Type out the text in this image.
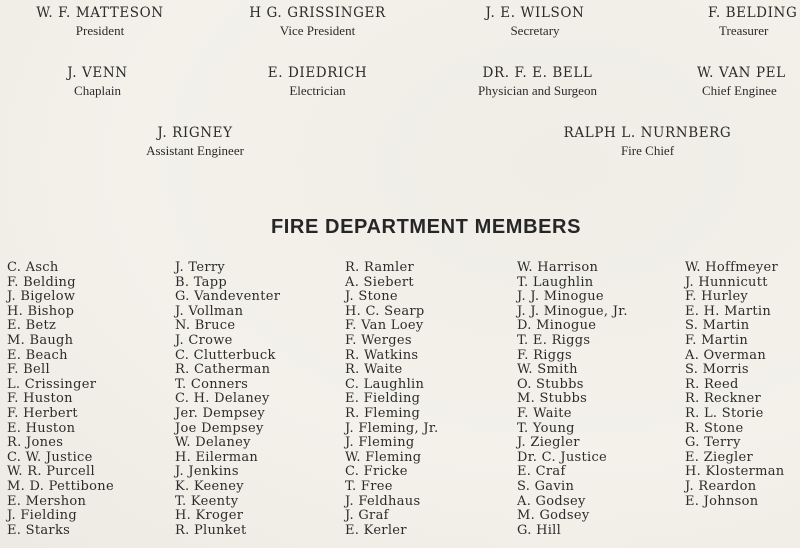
W. F. MATTESON
President
H G. GRISSINGER
Vice President
J. E. WILSON
Secretary
F. BELDING
Treasurer
J. VENN
Chaplain
E. DIEDRICH
Electrician
DR. F. E. BELL
Physician and Surgeon
W. VAN PEL
Chief Enginee
J. RIGNEY
Assistant Engineer
RALPH L. NURNBERG
Fire Chief
FIRE DEPARTMENT MEMBERS
C. Asch
F. Belding
J. Bigelow
H. Bishop
E. Betz
M. Baugh
E. Beach
F. Bell
L. Crissinger
F. Huston
F. Herbert
E. Huston
R. Jones
C. W. Justice
W. R. Purcell
M. D. Pettibone
E. Mershon
J. Fielding
E. Starks
J. Terry
B. Tapp
G. Vandeventer
J. Vollman
N. Bruce
J. Crowe
C. Clutterbuck
R. Catherman
T. Conners
C. H. Delaney
Jer. Dempsey
Joe Dempsey
W. Delaney
H. Eilerman
J. Jenkins
K. Keeney
T. Keenty
H. Kroger
R. Plunket
R. Ramler
A. Siebert
J. Stone
H. C. Searp
F. Van Loey
F. Werges
R. Watkins
R. Waite
C. Laughlin
E. Fielding
R. Fleming
J. Fleming, Jr.
J. Fleming
W. Fleming
C. Fricke
T. Free
J. Feldhaus
J. Graf
E. Kerler
W. Harrison
T. Laughlin
J. J. Minogue
J. J. Minogue, Jr.
D. Minogue
T. E. Riggs
F. Riggs
W. Smith
O. Stubbs
M. Stubbs
F. Waite
T. Young
J. Ziegler
Dr. C. Justice
E. Craf
S. Gavin
A. Godsey
M. Godsey
G. Hill
W. Hoffmeyer
J. Hunnicutt
F. Hurley
E. H. Martin
S. Martin
F. Martin
A. Overman
S. Morris
R. Reed
R. Reckner
R. L. Storie
R. Stone
G. Terry
E. Ziegler
H. Klosterman
J. Reardon
E. Johnson
